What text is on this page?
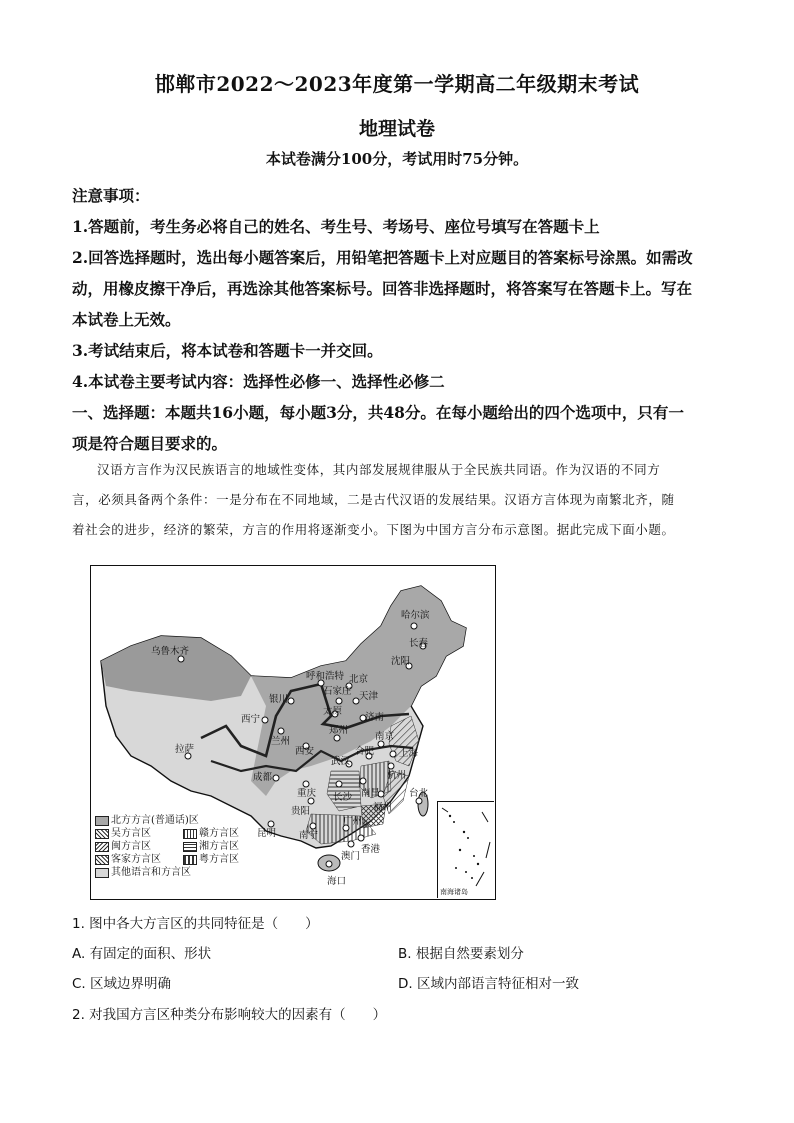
邯郸市2022～2023年度第一学期高二年级期末考试
地理试卷
本试卷满分100分，考试用时75分钟。

注意事项：

1.答题前，考生务必将自己的姓名、考生号、考场号、座位号填写在答题卡上

2.回答选择题时，选出每小题答案后，用铅笔把答题卡上对应题目的答案标号涂黑。如需改

动，用橡皮擦干净后，再选涂其他答案标号。回答非选择题时，将答案写在答题卡上。写在

本试卷上无效。

3.考试结束后，将本试卷和答题卡一并交回。

4.本试卷主要考试内容：选择性必修一、选择性必修二

一、选择题：本题共16小题，每小题3分，共48分。在每小题给出的四个选项中，只有一

项是符合题目要求的。

汉语方言作为汉民族语言的地域性变体，其内部发展规律服从于全民族共同语。作为汉语的不同方

言，必须具备两个条件：一是分布在不同地域，二是古代汉语的发展结果。汉语方言体现为南繁北齐，随

着社会的进步，经济的繁荣，方言的作用将逐渐变小。下图为中国方言分布示意图。据此完成下面小题。

哈尔滨
长春
沈阳
乌鲁木齐
呼和浩特 北京
石家庄 天津
银川
太原
济南
西宁
兰州
郑州
西安
南京
合肥	上海
拉萨
武汉
杭州
成都
重庆 长沙 南昌
贵阳	福州
台北
昆明 南宁
广州
香港
澳门
海口
北方方言(普通话)区
吴方言区	赣方言区
闽方言区	湘方言区
客家方言区	粤方言区
其他语言和方言区
南海诸岛
1. 图中各大方言区的共同特征是（　　）
A. 有固定的面积、形状	B. 根据自然要素划分
C. 区域边界明确	D. 区域内部语言特征相对一致
2. 对我国方言区种类分布影响较大的因素有（　　）
